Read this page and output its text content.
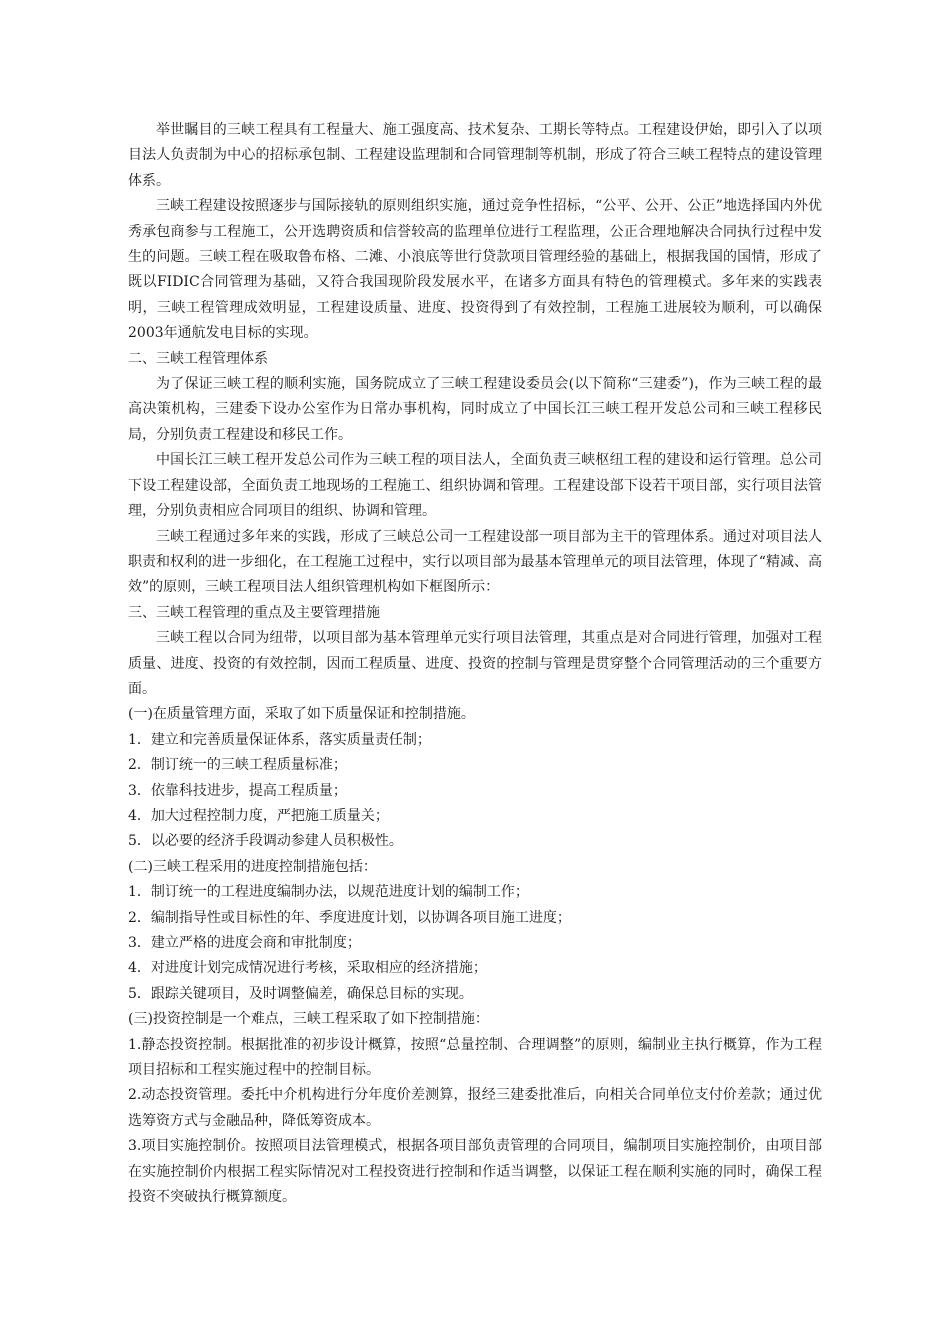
举世瞩目的三峡工程具有工程量大、施工强度高、技术复杂、工期长等特点。工程建设伊始，即引入了以项目法人负责制为中心的招标承包制、工程建设监理制和合同管理制等机制，形成了符合三峡工程特点的建设管理体系。

三峡工程建设按照逐步与国际接轨的原则组织实施，通过竞争性招标，“公平、公开、公正”地选择国内外优秀承包商参与工程施工，公开选聘资质和信誉较高的监理单位进行工程监理，公正合理地解决合同执行过程中发生的问题。三峡工程在吸取鲁布格、二滩、小浪底等世行贷款项目管理经验的基础上，根据我国的国情，形成了既以FIDIC合同管理为基础，又符合我国现阶段发展水平，在诸多方面具有特色的管理模式。多年来的实践表明，三峡工程管理成效明显，工程建设质量、进度、投资得到了有效控制，工程施工进展较为顺利，可以确保2003年通航发电目标的实现。

二、三峡工程管理体系

为了保证三峡工程的顺利实施，国务院成立了三峡工程建设委员会(以下简称“三建委”)，作为三峡工程的最高决策机构，三建委下设办公室作为日常办事机构，同时成立了中国长江三峡工程开发总公司和三峡工程移民局，分别负责工程建设和移民工作。

中国长江三峡工程开发总公司作为三峡工程的项目法人，全面负责三峡枢纽工程的建设和运行管理。总公司下设工程建设部，全面负责工地现场的工程施工、组织协调和管理。工程建设部下设若干项目部，实行项目法管理，分别负责相应合同项目的组织、协调和管理。

三峡工程通过多年来的实践，形成了三峡总公司一工程建设部一项目部为主干的管理体系。通过对项目法人职责和权利的进一步细化，在工程施工过程中，实行以项目部为最基本管理单元的项目法管理，体现了“精减、高效”的原则，三峡工程项目法人组织管理机构如下框图所示：

三、三峡工程管理的重点及主要管理措施

三峡工程以合同为纽带，以项目部为基本管理单元实行项目法管理，其重点是对合同进行管理，加强对工程质量、进度、投资的有效控制，因而工程质量、进度、投资的控制与管理是贯穿整个合同管理活动的三个重要方面。

(一)在质量管理方面，采取了如下质量保证和控制措施。

1．建立和完善质量保证体系，落实质量责任制；

2．制订统一的三峡工程质量标准；

3．依靠科技进步，提高工程质量；

4．加大过程控制力度，严把施工质量关；

5．以必要的经济手段调动参建人员积极性。

(二)三峡工程采用的进度控制措施包括：

1．制订统一的工程进度编制办法，以规范进度计划的编制工作；

2．编制指导性或目标性的年、季度进度计划，以协调各项目施工进度；

3．建立严格的进度会商和审批制度；

4．对进度计划完成情况进行考核，采取相应的经济措施；

5．跟踪关键项目，及时调整偏差，确保总目标的实现。

(三)投资控制是一个难点，三峡工程采取了如下控制措施：

1.静态投资控制。根据批准的初步设计概算，按照“总量控制、合理调整”的原则，编制业主执行概算，作为工程项目招标和工程实施过程中的控制目标。

2.动态投资管理。委托中介机构进行分年度价差测算，报经三建委批准后，向相关合同单位支付价差款；通过优选筹资方式与金融品种，降低筹资成本。

3.项目实施控制价。按照项目法管理模式，根据各项目部负责管理的合同项目，编制项目实施控制价，由项目部在实施控制价内根据工程实际情况对工程投资进行控制和作适当调整，以保证工程在顺利实施的同时，确保工程投资不突破执行概算额度。
